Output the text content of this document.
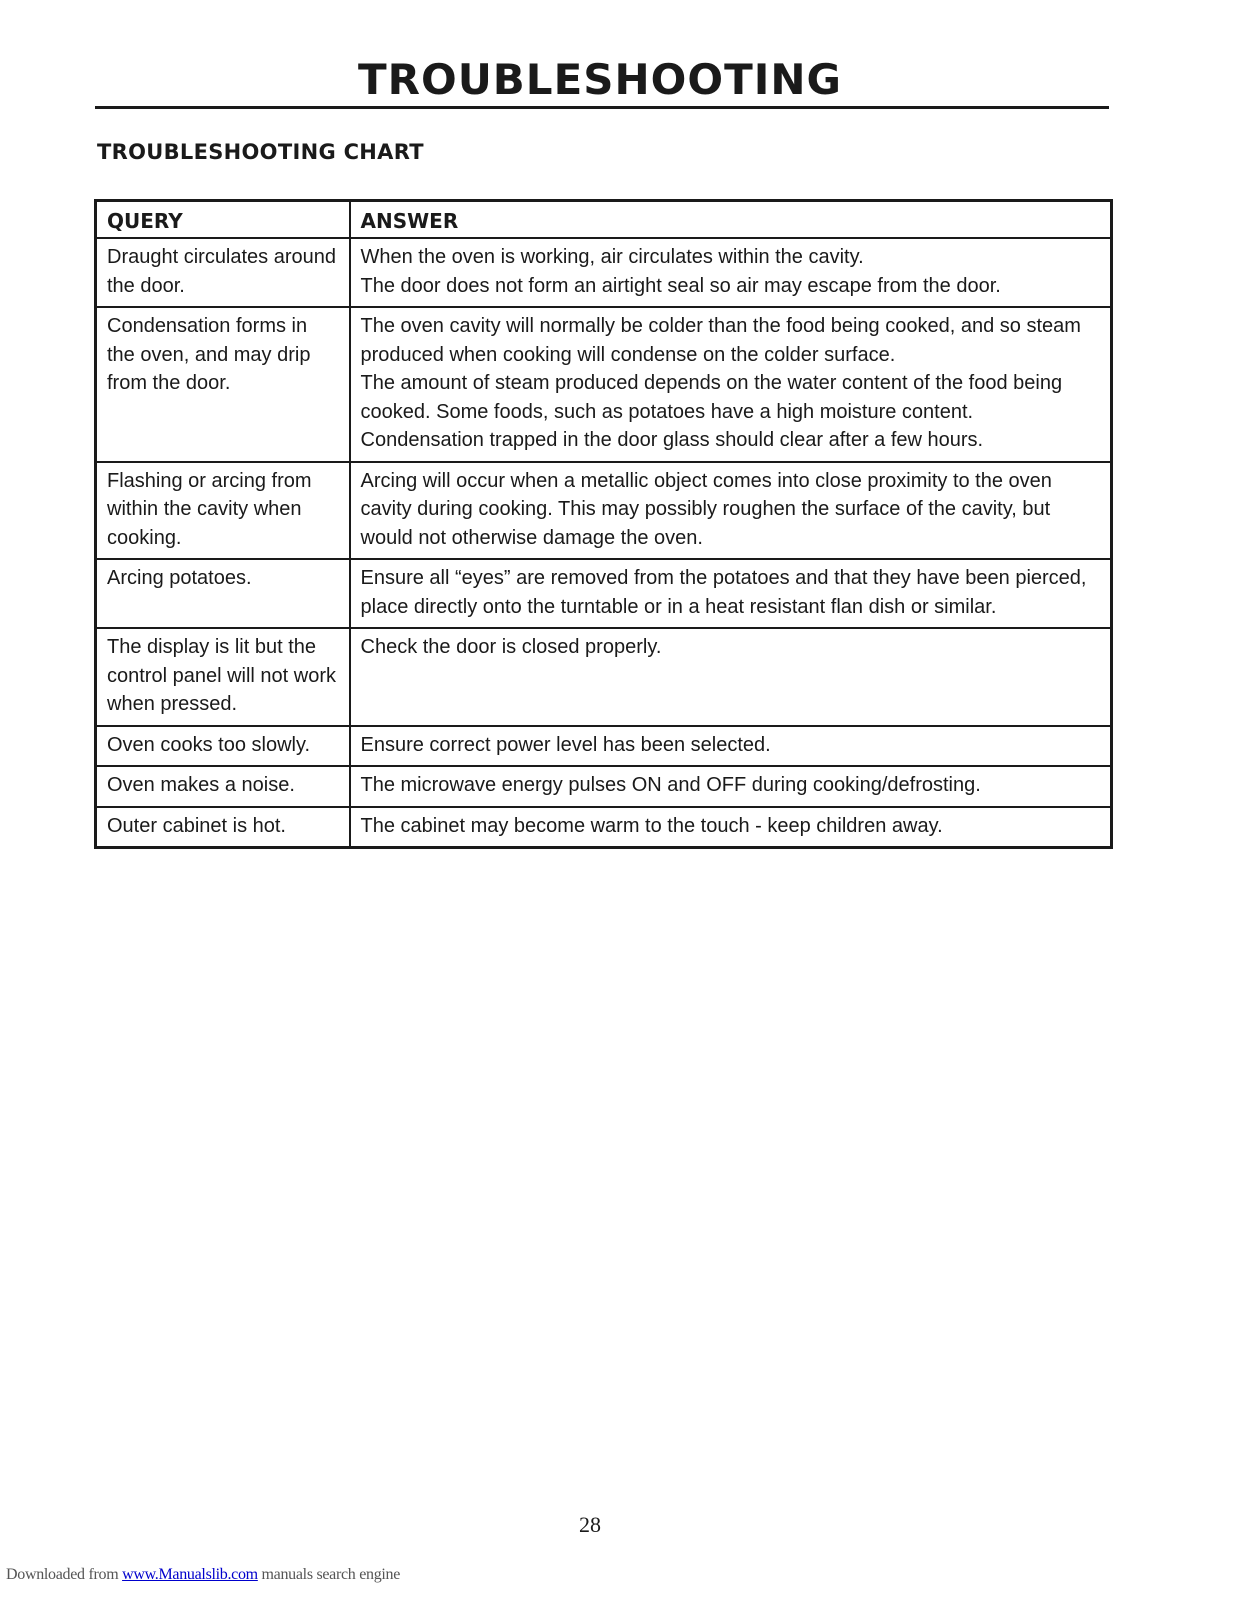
TROUBLESHOOTING
TROUBLESHOOTING CHART
QUERY	ANSWER
Draught circulates around the door.	When the oven is working, air circulates within the cavity.
The door does not form an airtight seal so air may escape from the door.

Condensation forms in the oven, and may drip from the door.	The oven cavity will normally be colder than the food being cooked, and so steam produced when cooking will condense on the colder surface.
The amount of steam produced depends on the water content of the food being cooked. Some foods, such as potatoes have a high moisture content.
Condensation trapped in the door glass should clear after a few hours.

Flashing or arcing from within the cavity when cooking.	Arcing will occur when a metallic object comes into close proximity to the oven cavity during cooking. This may possibly roughen the surface of the cavity, but would not otherwise damage the oven.

Arcing potatoes.	Ensure all “eyes” are removed from the potatoes and that they have been pierced, place directly onto the turntable or in a heat resistant flan dish or similar.

The display is lit but the control panel will not work when pressed.	Check the door is closed properly.

Oven cooks too slowly.	Ensure correct power level has been selected.

Oven makes a noise.	The microwave energy pulses ON and OFF during cooking/defrosting.

Outer cabinet is hot.	The cabinet may become warm to the touch - keep children away.
28
Downloaded from www.Manualslib.com manuals search engine
